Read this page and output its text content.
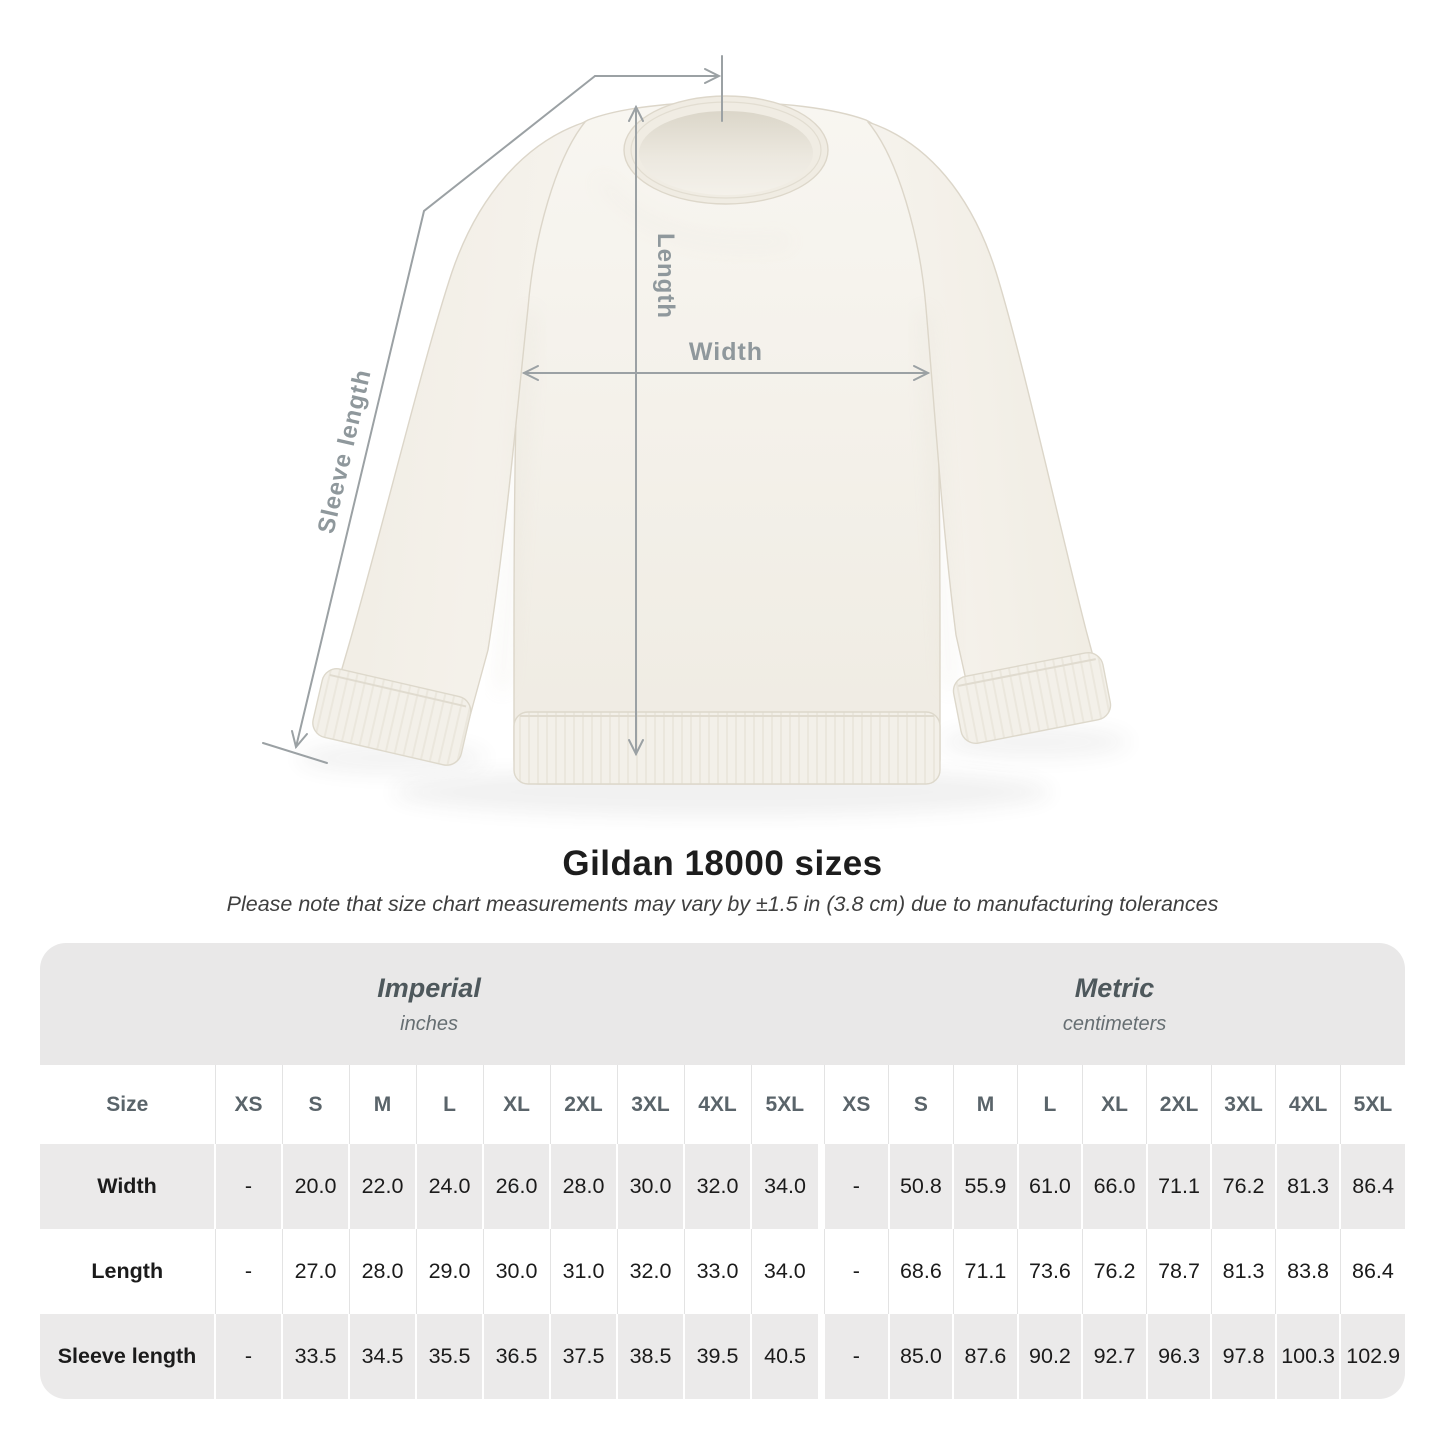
Length
Width
Sleeve length
Gildan 18000 sizes
Please note that size chart measurements may vary by ±1.5 in (3.8 cm) due to manufacturing tolerances
Imperial
inches

Metric
centimeters

Size	XS	S	M	L	XL	2XL	3XL	4XL	5XL		XS	S	M	L	XL	2XL	3XL	4XL	5XL
Width	-	20.0	22.0	24.0	26.0	28.0	30.0	32.0	34.0		-	50.8	55.9	61.0	66.0	71.1	76.2	81.3	86.4
Length	-	27.0	28.0	29.0	30.0	31.0	32.0	33.0	34.0		-	68.6	71.1	73.6	76.2	78.7	81.3	83.8	86.4
Sleeve length	-	33.5	34.5	35.5	36.5	37.5	38.5	39.5	40.5		-	85.0	87.6	90.2	92.7	96.3	97.8	100.3	102.9
